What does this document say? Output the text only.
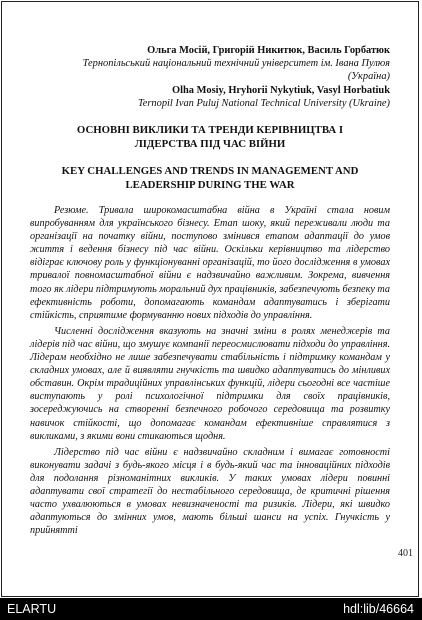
Ольга Мосій, Григорій Никитюк, Василь Горбатюк
Тернопільський національний технічний університет ім. Івана Пулюя
(Україна)
Olha Mosiy, Hryhorii Nykytiuk, Vasyl Horbatiuk
Ternopil Ivan Puluj National Technical University (Ukraine)
ОСНОВНІ ВИКЛИКИ ТА ТРЕНДИ КЕРІВНИЦТВА І ЛІДЕРСТВА ПІД ЧАС ВІЙНИ
KEY CHALLENGES AND TRENDS IN MANAGEMENT AND LEADERSHIP DURING THE WAR

Резюме. Тривала широкомасштабна війна в Україні стала новим випробуванням для українського бізнесу. Етап шоку, який переживали люди та організації на початку війни, поступово змінився етапом адаптації до умов життя і ведення бізнесу під час війни. Оскільки керівництво та лідерство відіграє ключову роль у функціонуванні організацій, то його дослідження в умовах тривалої повномасштабної війни є надзвичайно важливим. Зокрема, вивчення того як лідери підтримують моральний дух працівників, забезпечують безпеку та ефективність роботи, допомагають командам адаптуватись і зберігати стійкість, сприятиме формуванню нових підходів до управління.

Численні дослідження вказують на значні зміни в ролях менеджерів та лідерів під час війни, що змушує компанії переосмислювати підходи до управління. Лідерам необхідно не лише забезпечувати стабільність і підтримку командам у складних умовах, але й виявляти гнучкість та швидко адаптуватись до мінливих обставин. Окрім традиційних управлінських функцій, лідери сьогодні все частіше виступають у ролі психологічної підтримки для своїх працівників, зосереджуючись на створенні безпечного робочого середовища та розвитку навичок стійкості, що допомагає командам ефективніше справлятися з викликами, з якими вони стикаються щодня.

Лідерство під час війни є надзвичайно складним і вимагає готовності виконувати задачі з будь-якого місця і в будь-який час та інноваційних підходів для подолання різноманітних викликів. У таких умовах лідери повинні адаптувати свої стратегії до нестабільного середовища, де критичні рішення часто ухвалюються в умовах невизначеності та ризиків. Лідери, які швидко адаптуються до змінних умов, мають більші шанси на успіх. Гнучкість у прийнятті

401
ELARTU	hdl:lib/46664
